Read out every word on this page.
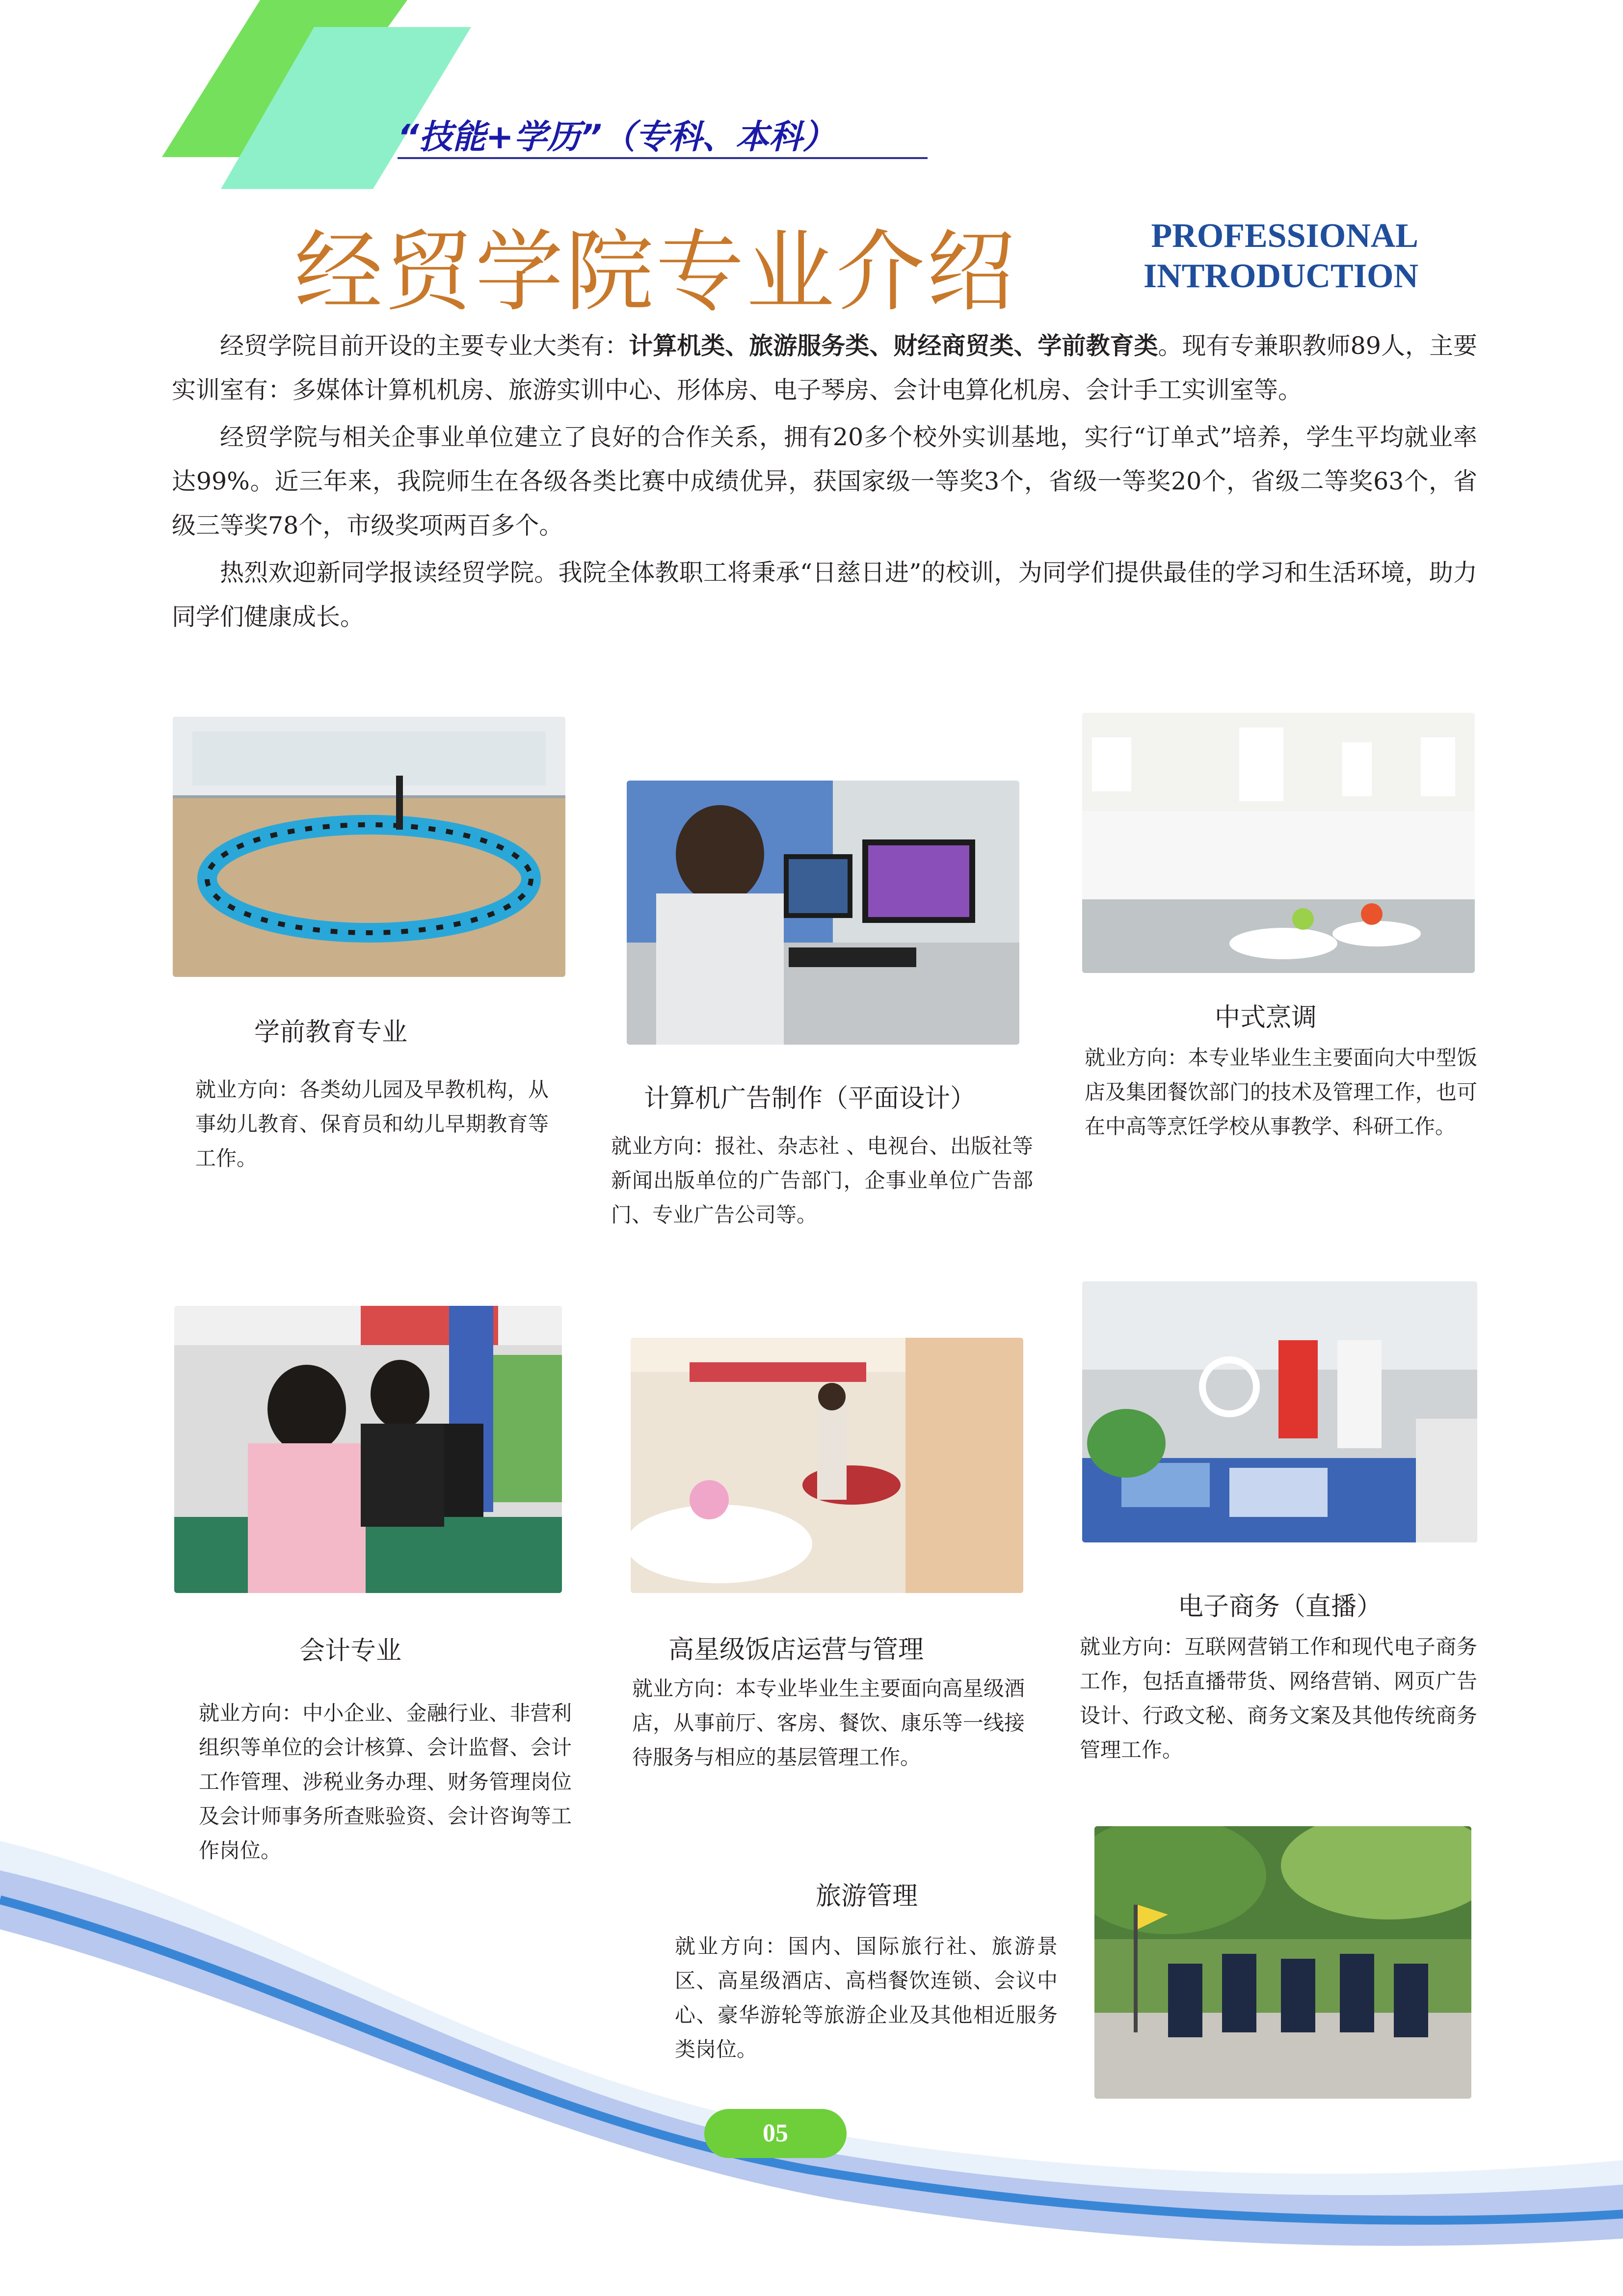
“技能+学历”（专科、本科）
经贸学院专业介绍	PROFESSIONAL
INTRODUCTION

经贸学院目前开设的主要专业大类有：计算机类、旅游服务类、财经商贸类、学前教育类。现有专兼职教师89人，主要实训室有：多媒体计算机机房、旅游实训中心、形体房、电子琴房、会计电算化机房、会计手工实训室等。

经贸学院与相关企事业单位建立了良好的合作关系，拥有20多个校外实训基地，实行“订单式”培养，学生平均就业率达99%。近三年来，我院师生在各级各类比赛中成绩优异，获国家级一等奖3个，省级一等奖20个，省级二等奖63个，省级三等奖78个，市级奖项两百多个。

热烈欢迎新同学报读经贸学院。我院全体教职工将秉承“日慈日进”的校训，为同学们提供最佳的学习和生活环境，助力同学们健康成长。

学前教育专业
就业方向：各类幼儿园及早教机构，从事幼儿教育、保育员和幼儿早期教育等工作。
计算机广告制作（平面设计）
就业方向：报社、杂志社 、电视台、出版社等新闻出版单位的广告部门，企事业单位广告部门、专业广告公司等。
中式烹调
就业方向：本专业毕业生主要面向大中型饭店及集团餐饮部门的技术及管理工作，也可在中高等烹饪学校从事教学、科研工作。
会计专业
就业方向：中小企业、金融行业、非营利组织等单位的会计核算、会计监督、会计工作管理、涉税业务办理、财务管理岗位及会计师事务所查账验资、会计咨询等工作岗位。
高星级饭店运营与管理
就业方向：本专业毕业生主要面向高星级酒店，从事前厅、客房、餐饮、康乐等一线接待服务与相应的基层管理工作。
电子商务（直播）
就业方向：互联网营销工作和现代电子商务工作，包括直播带货、网络营销、网页广告设计、行政文秘、商务文案及其他传统商务管理工作。
旅游管理
就业方向：国内、国际旅行社、旅游景区、高星级酒店、高档餐饮连锁、会议中心、豪华游轮等旅游企业及其他相近服务类岗位。
05
